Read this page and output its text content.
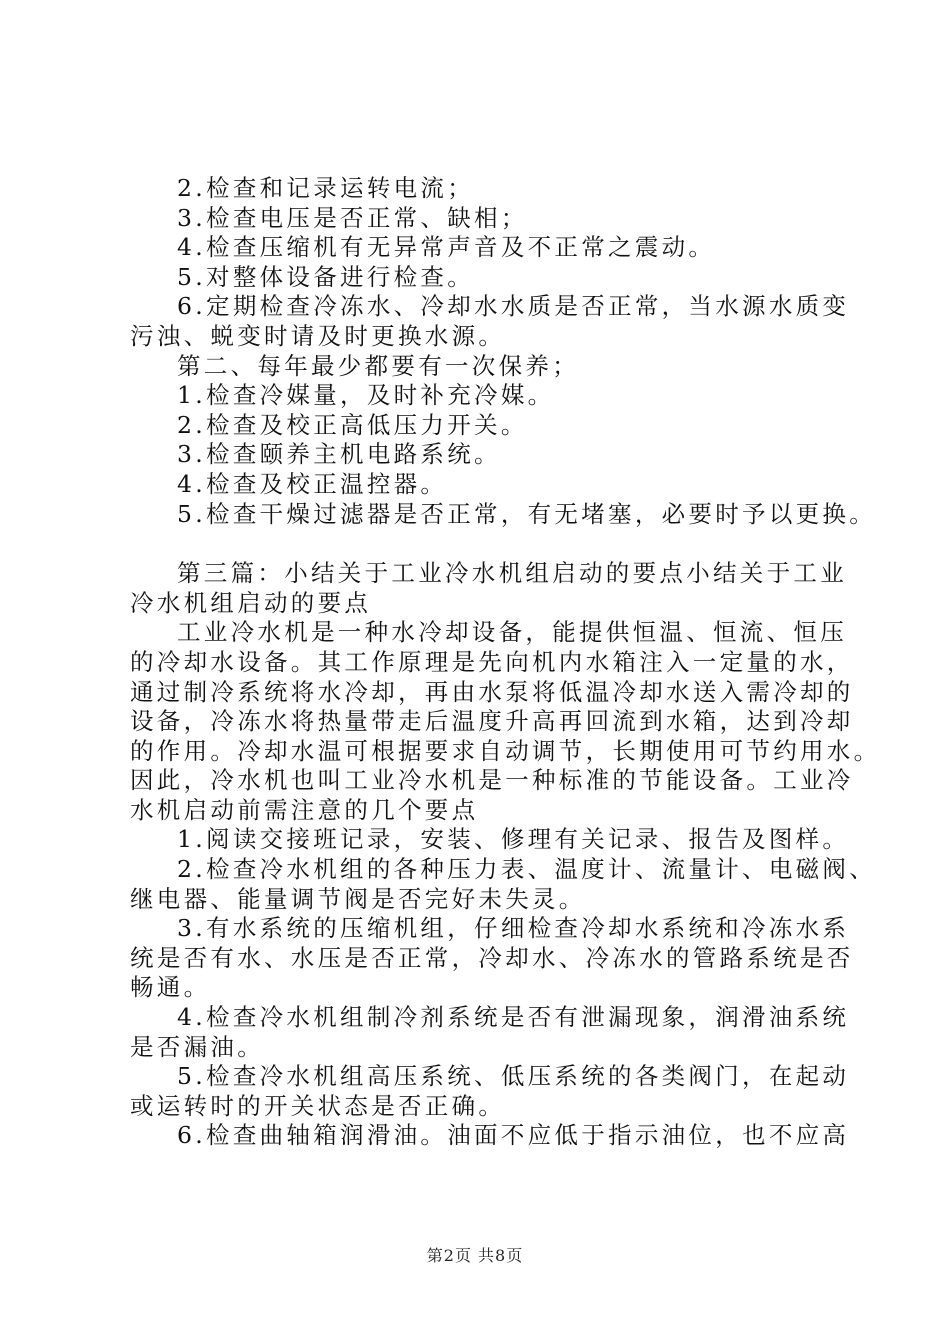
2.检查和记录运转电流；
3.检查电压是否正常、缺相；
4.检查压缩机有无异常声音及不正常之震动。
5.对整体设备进行检查。
6.定期检查冷冻水、冷却水水质是否正常，当水源水质变
污浊、蜕变时请及时更换水源。
第二、每年最少都要有一次保养；
1.检查冷媒量，及时补充冷媒。
2.检查及校正高低压力开关。
3.检查颐养主机电路系统。
4.检查及校正温控器。
5.检查干燥过滤器是否正常，有无堵塞，必要时予以更换。
第三篇：小结关于工业冷水机组启动的要点小结关于工业
冷水机组启动的要点
工业冷水机是一种水冷却设备，能提供恒温、恒流、恒压
的冷却水设备。其工作原理是先向机内水箱注入一定量的水，
通过制冷系统将水冷却，再由水泵将低温冷却水送入需冷却的
设备，冷冻水将热量带走后温度升高再回流到水箱，达到冷却
的作用。冷却水温可根据要求自动调节，长期使用可节约用水。
因此，冷水机也叫工业冷水机是一种标准的节能设备。工业冷
水机启动前需注意的几个要点
1.阅读交接班记录，安装、修理有关记录、报告及图样。
2.检查冷水机组的各种压力表、温度计、流量计、电磁阀、
继电器、能量调节阀是否完好未失灵。
3.有水系统的压缩机组，仔细检查冷却水系统和冷冻水系
统是否有水、水压是否正常，冷却水、冷冻水的管路系统是否
畅通。
4.检查冷水机组制冷剂系统是否有泄漏现象，润滑油系统
是否漏油。
5.检查冷水机组高压系统、低压系统的各类阀门，在起动
或运转时的开关状态是否正确。
6.检查曲轴箱润滑油。油面不应低于指示油位，也不应高
第2页 共8页
